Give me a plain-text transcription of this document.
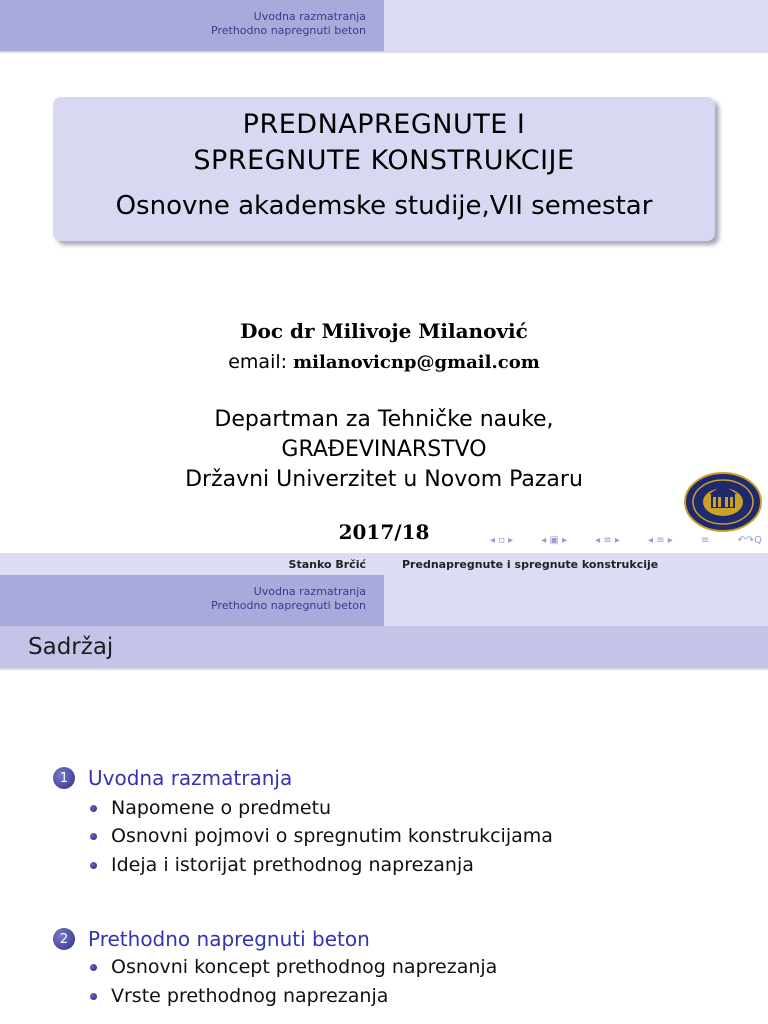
Uvodna razmatranja
Prethodno napregnuti beton
PREDNAPREGNUTE I
SPREGNUTE KONSTRUKCIJE
Osnovne akademske studije,VII semestar
Doc dr Milivoje Milanović
email: milanovicnp@gmail.com
Departman za Tehničke nauke,
GRAĐEVINARSTVO
Državni Univerzitet u Novom Pazaru
2017/18	◂ ▫ ▸	◂ ▣ ▸	◂ ≡ ▸	◂ ≡ ▸	≡	↶↷Q
Stanko Brčić	Prednapregnute i spregnute konstrukcije
Uvodna razmatranja
Prethodno napregnuti beton
Sadržaj
1 Uvodna razmatranja
Napomene o predmetu
Osnovni pojmovi o spregnutim konstrukcijama
Ideja i istorijat prethodnog naprezanja
2 Prethodno napregnuti beton
Osnovni koncept prethodnog naprezanja
Vrste prethodnog naprezanja
